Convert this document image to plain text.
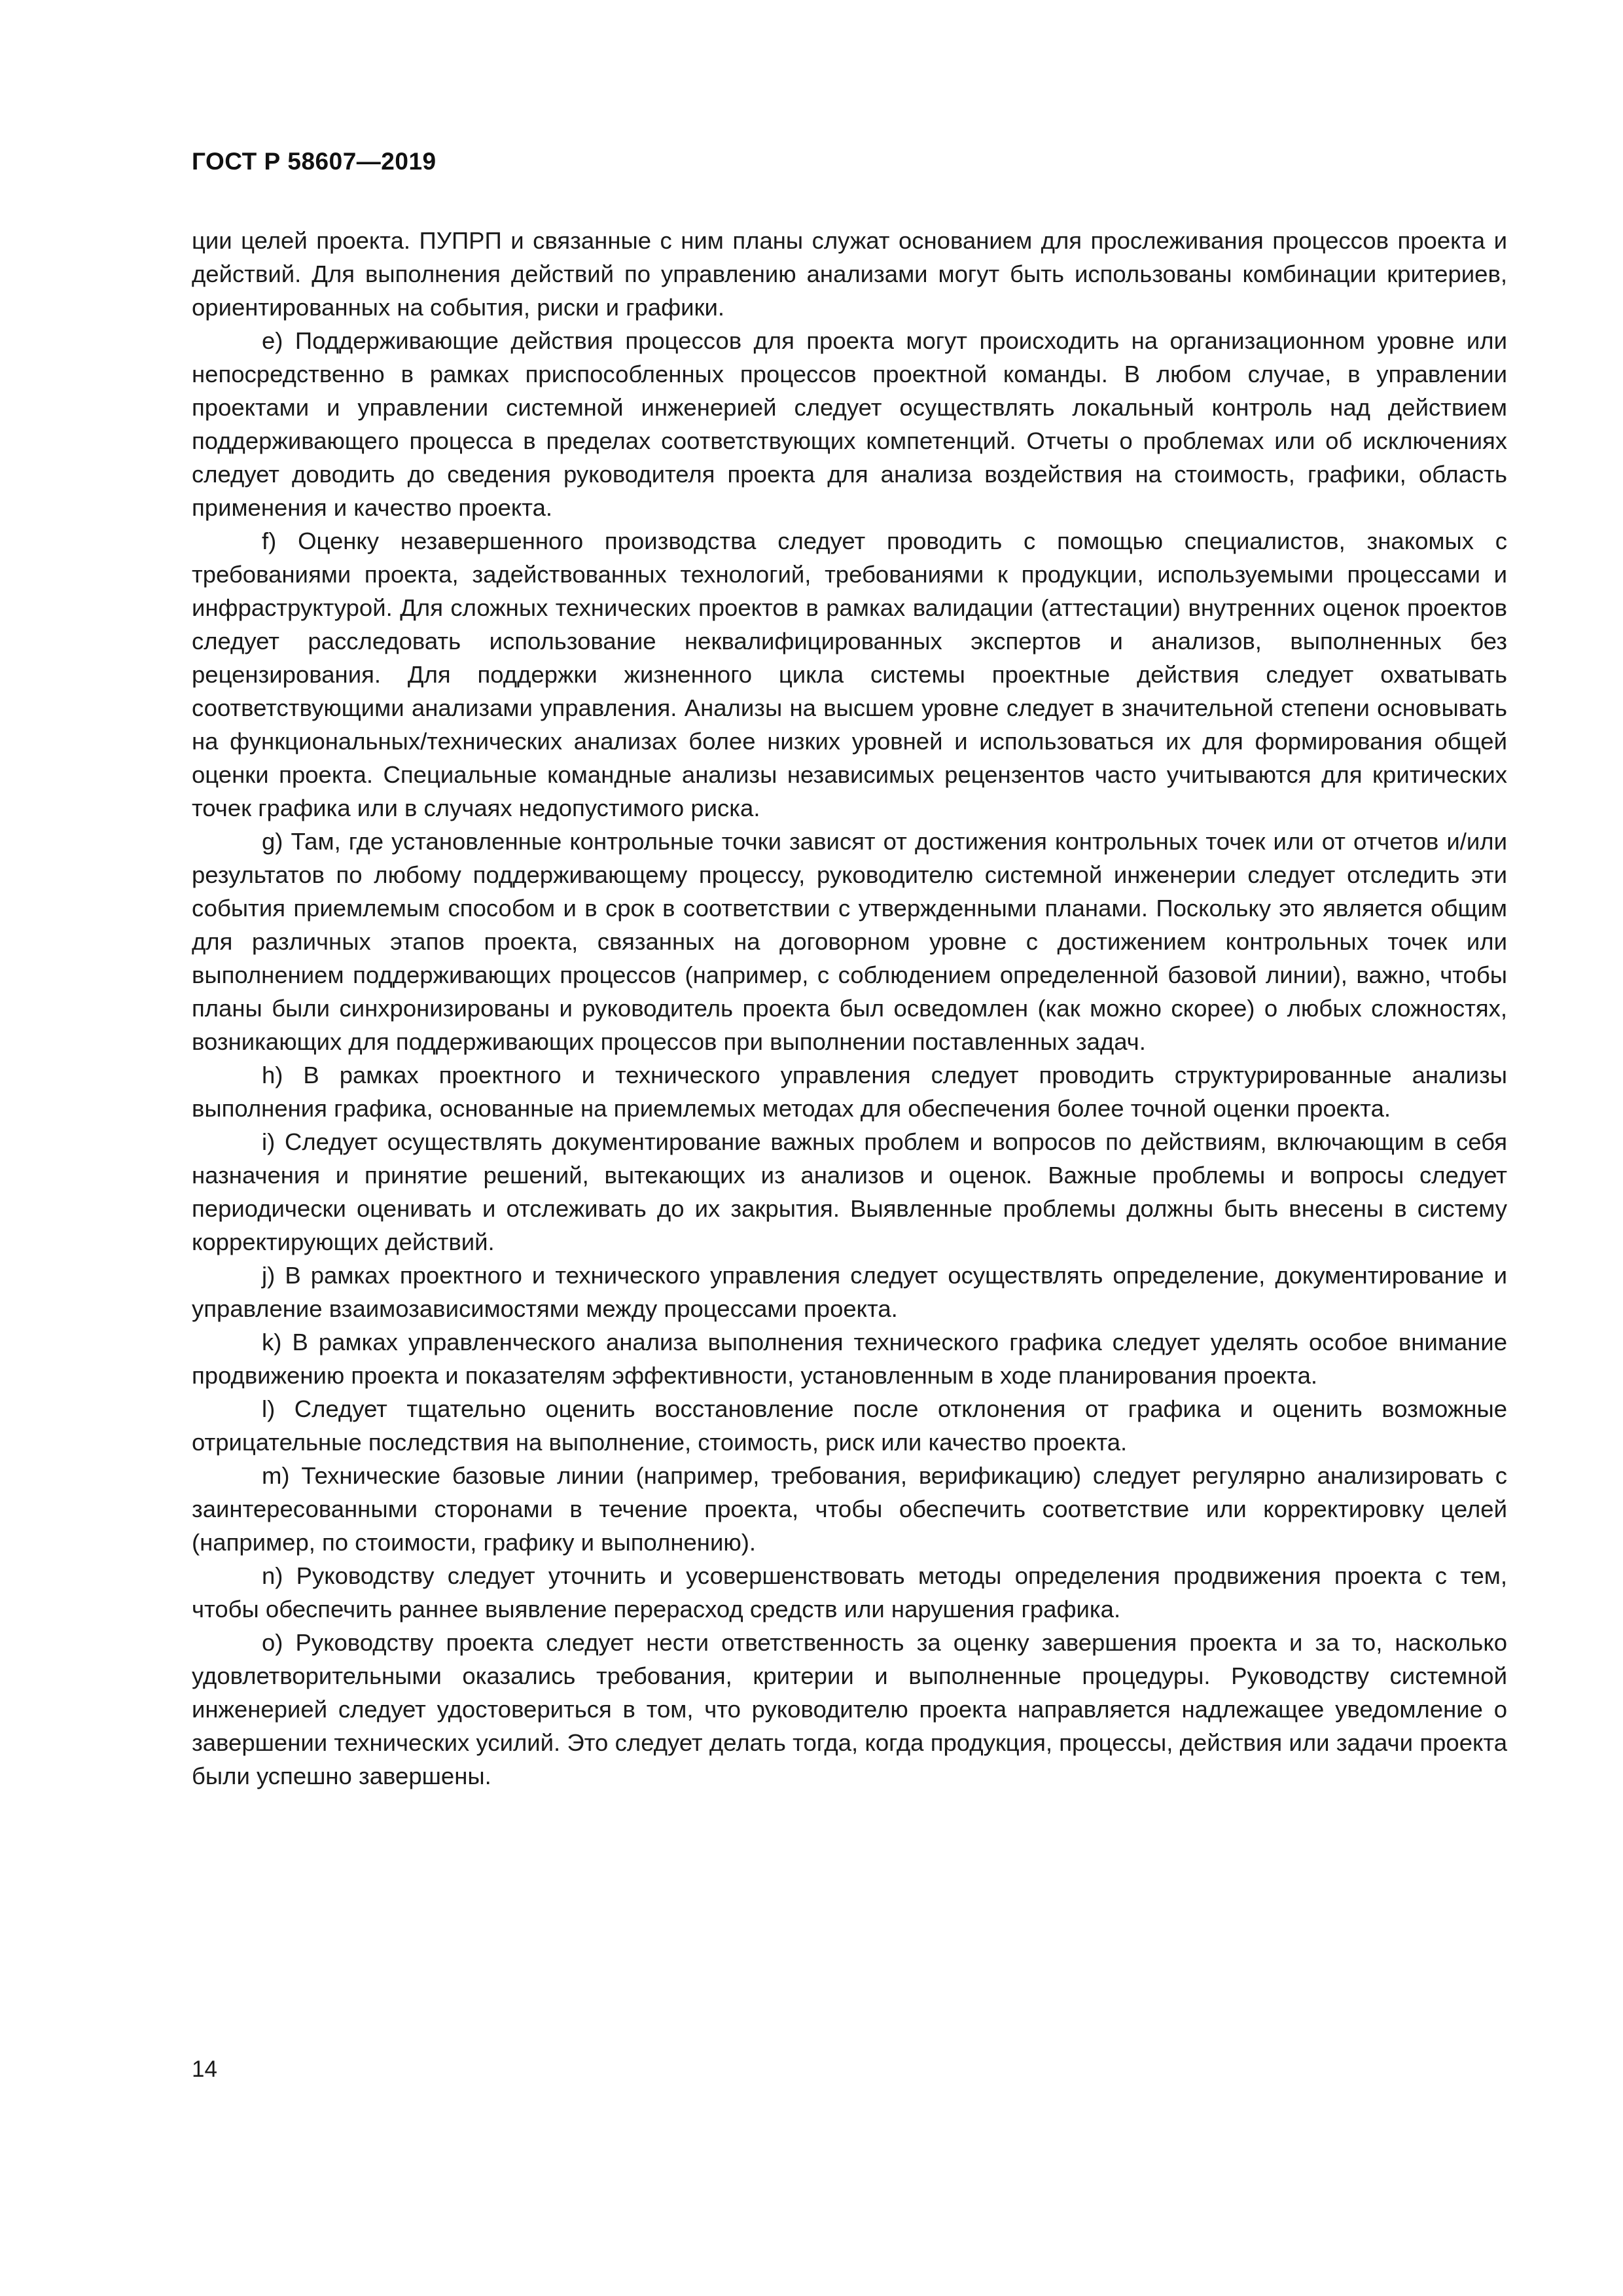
ГОСТ Р 58607—2019

ции целей проекта. ПУПРП и связанные с ним планы служат основанием для прослеживания процессов проекта и действий. Для выполнения действий по управлению анализами могут быть использованы комбинации критериев, ориентированных на события, риски и графики.

e) Поддерживающие действия процессов для проекта могут происходить на организационном уровне или непосредственно в рамках приспособленных процессов проектной команды. В любом случае, в управлении проектами и управлении системной инженерией следует осуществлять локальный контроль над действием поддерживающего процесса в пределах соответствующих компетенций. Отчеты о проблемах или об исключениях следует доводить до сведения руководителя проекта для анализа воздействия на стоимость, графики, область применения и качество проекта.

f) Оценку незавершенного производства следует проводить с помощью специалистов, знакомых с требованиями проекта, задействованных технологий, требованиями к продукции, используемыми процессами и инфраструктурой. Для сложных технических проектов в рамках валидации (аттестации) внутренних оценок проектов следует расследовать использование неквалифицированных экспертов и анализов, выполненных без рецензирования. Для поддержки жизненного цикла системы проектные действия следует охватывать соответствующими анализами управления. Анализы на высшем уровне следует в значительной степени основывать на функциональных/технических анализах более низких уровней и использоваться их для формирования общей оценки проекта. Специальные командные анализы независимых рецензентов часто учитываются для критических точек графика или в случаях недопустимого риска.

g) Там, где установленные контрольные точки зависят от достижения контрольных точек или от отчетов и/или результатов по любому поддерживающему процессу, руководителю системной инженерии следует отследить эти события приемлемым способом и в срок в соответствии с утвержденными планами. Поскольку это является общим для различных этапов проекта, связанных на договорном уровне с достижением контрольных точек или выполнением поддерживающих процессов (например, с соблюдением определенной базовой линии), важно, чтобы планы были синхронизированы и руководитель проекта был осведомлен (как можно скорее) о любых сложностях, возникающих для поддерживающих процессов при выполнении поставленных задач.

h) В рамках проектного и технического управления следует проводить структурированные анализы выполнения графика, основанные на приемлемых методах для обеспечения более точной оценки проекта.

i) Следует осуществлять документирование важных проблем и вопросов по действиям, включающим в себя назначения и принятие решений, вытекающих из анализов и оценок. Важные проблемы и вопросы следует периодически оценивать и отслеживать до их закрытия. Выявленные проблемы должны быть внесены в систему корректирующих действий.

j) В рамках проектного и технического управления следует осуществлять определение, документирование и управление взаимозависимостями между процессами проекта.

k) В рамках управленческого анализа выполнения технического графика следует уделять особое внимание продвижению проекта и показателям эффективности, установленным в ходе планирования проекта.

l) Следует тщательно оценить восстановление после отклонения от графика и оценить возможные отрицательные последствия на выполнение, стоимость, риск или качество проекта.

m) Технические базовые линии (например, требования, верификацию) следует регулярно анализировать с заинтересованными сторонами в течение проекта, чтобы обеспечить соответствие или корректировку целей (например, по стоимости, графику и выполнению).

n) Руководству следует уточнить и усовершенствовать методы определения продвижения проекта с тем, чтобы обеспечить раннее выявление перерасход средств или нарушения графика.

o) Руководству проекта следует нести ответственность за оценку завершения проекта и за то, насколько удовлетворительными оказались требования, критерии и выполненные процедуры. Руководству системной инженерией следует удостовериться в том, что руководителю проекта направляется надлежащее уведомление о завершении технических усилий. Это следует делать тогда, когда продукция, процессы, действия или задачи проекта были успешно завершены.

14
